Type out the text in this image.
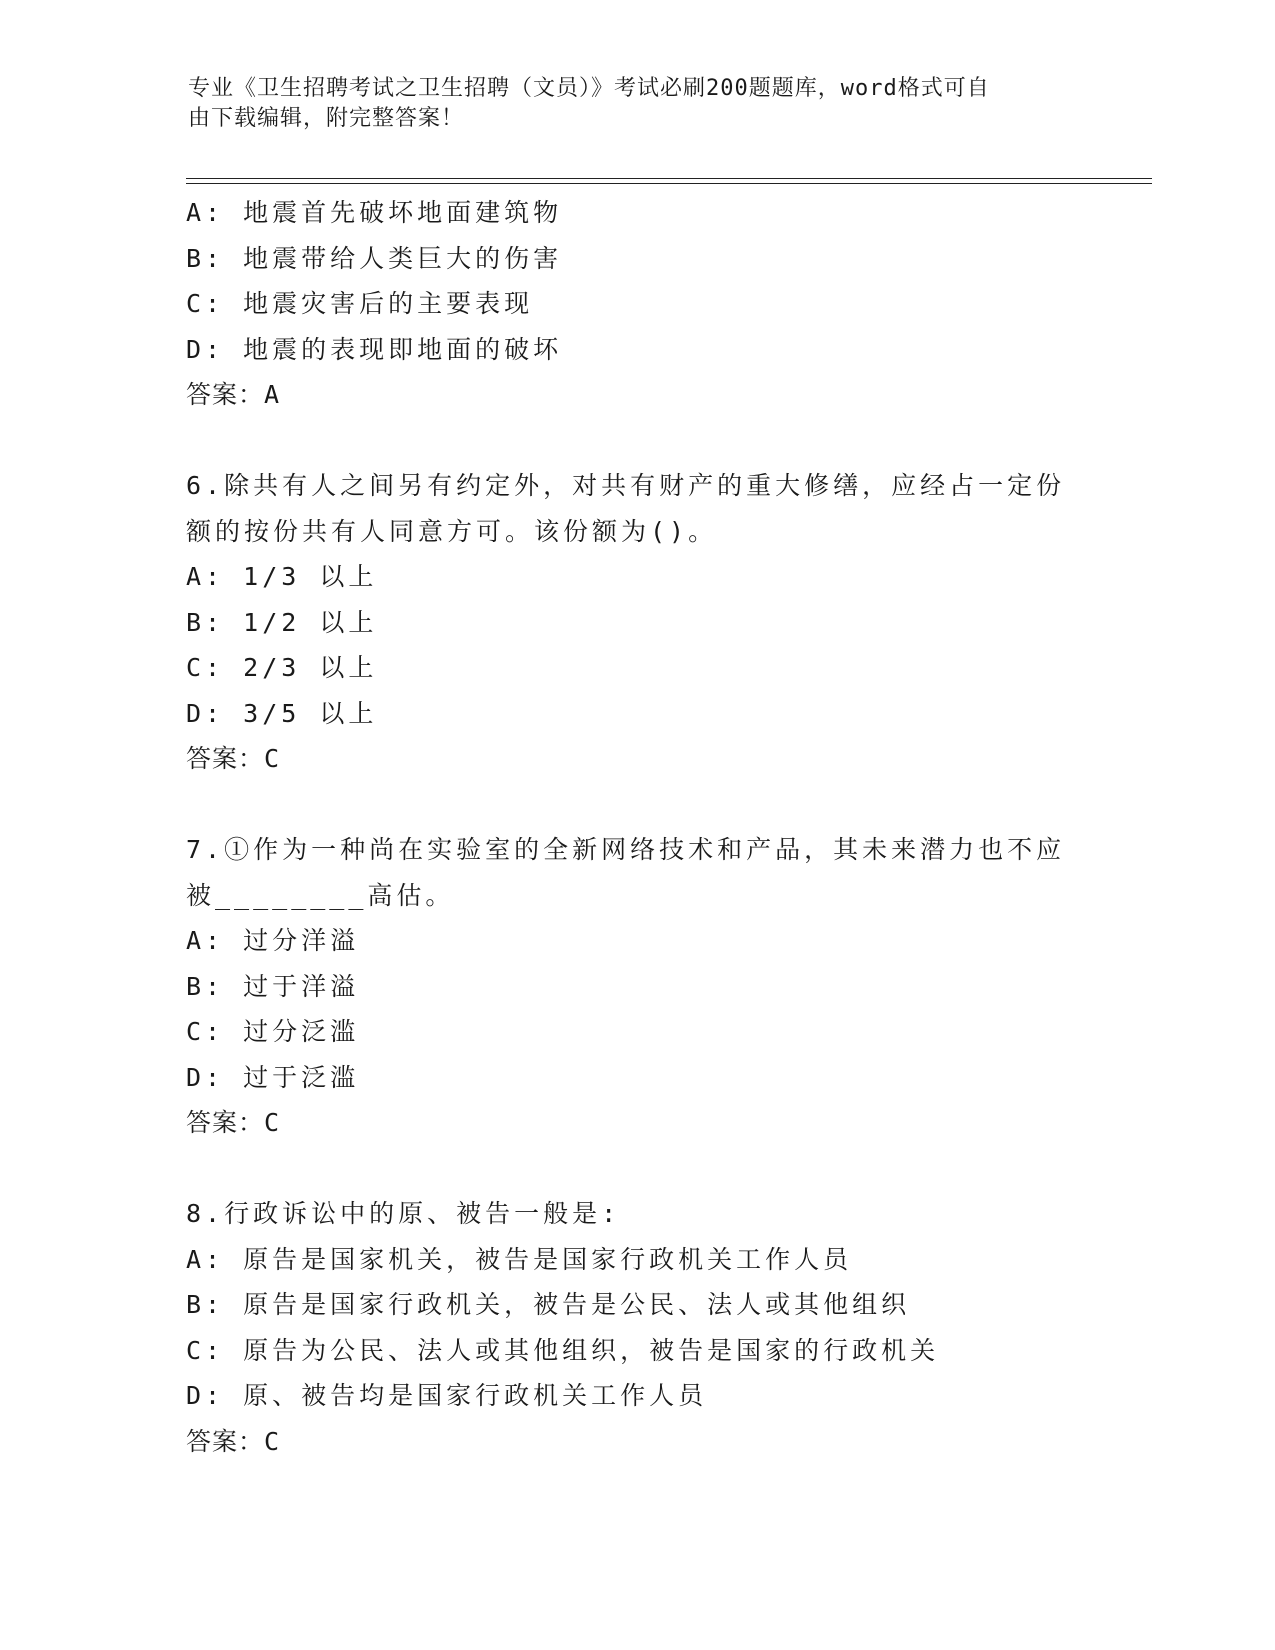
专业《卫生招聘考试之卫生招聘（文员）》考试必刷200题题库，word格式可自
由下载编辑，附完整答案！
A: 地震首先破坏地面建筑物
B: 地震带给人类巨大的伤害
C: 地震灾害后的主要表现
D: 地震的表现即地面的破坏
答案：A
6.除共有人之间另有约定外，对共有财产的重大修缮，应经占一定份
额的按份共有人同意方可。该份额为()。
A: 1/3 以上
B: 1/2 以上
C: 2/3 以上
D: 3/5 以上
答案：C
7.①作为一种尚在实验室的全新网络技术和产品，其未来潜力也不应
被________高估。
A: 过分洋溢
B: 过于洋溢
C: 过分泛滥
D: 过于泛滥
答案：C
8.行政诉讼中的原、被告一般是:
A: 原告是国家机关，被告是国家行政机关工作人员
B: 原告是国家行政机关，被告是公民、法人或其他组织
C: 原告为公民、法人或其他组织，被告是国家的行政机关
D: 原、被告均是国家行政机关工作人员
答案：C
